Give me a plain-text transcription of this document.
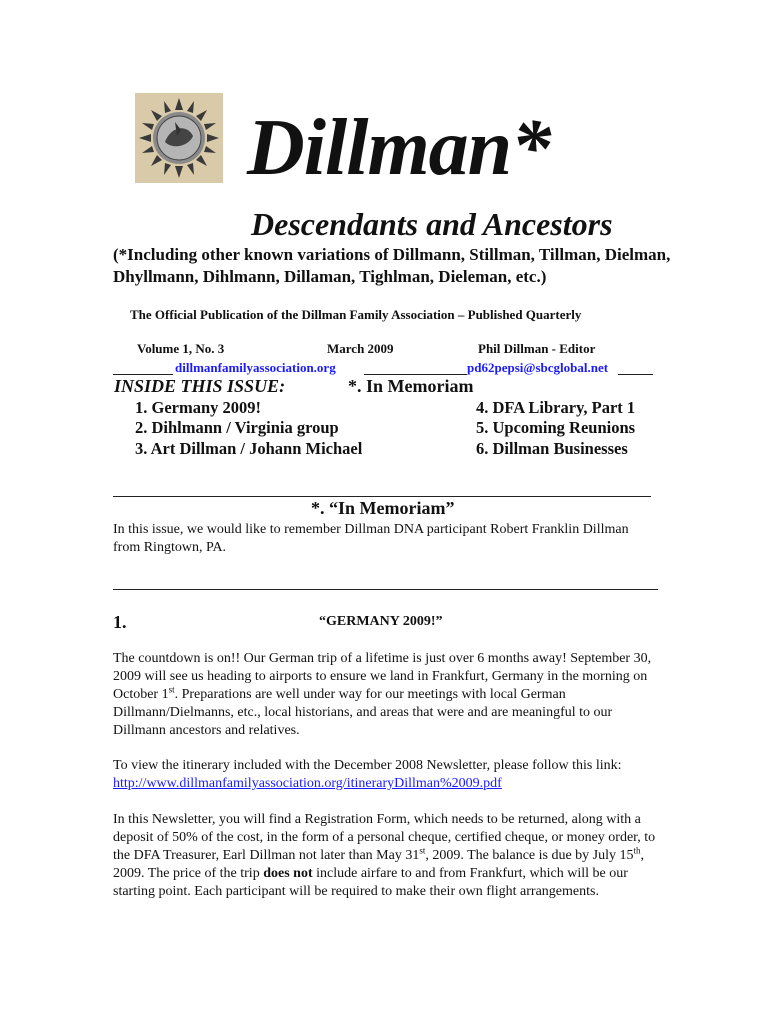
Dillman*
Descendants and Ancestors
(*Including other known variations of Dillmann, Stillman, Tillman, Dielman, Dhyllmann, Dihlmann, Dillaman, Tighlman, Dieleman, etc.)
The Official Publication of the Dillman Family Association – Published Quarterly
Volume 1, No. 3	March 2009	Phil Dillman - Editor
dillmanfamilyassociation.org	pd62pepsi@sbcglobal.net
INSIDE THIS ISSUE:	*. In Memoriam
1. Germany 2009!
2. Dihlmann / Virginia group
3. Art Dillman / Johann Michael
4. DFA Library, Part 1
5. Upcoming Reunions
6. Dillman Businesses
*. “In Memoriam”
In this issue, we would like to remember Dillman DNA participant Robert Franklin Dillman from Ringtown, PA.
1.	“GERMANY 2009!”
The countdown is on!! Our German trip of a lifetime is just over 6 months away! September 30, 2009 will see us heading to airports to ensure we land in Frankfurt, Germany in the morning on October 1st. Preparations are well under way for our meetings with local German Dillmann/Dielmanns, etc., local historians, and areas that were and are meaningful to our Dillmann ancestors and relatives.
To view the itinerary included with the December 2008 Newsletter, please follow this link: http://www.dillmanfamilyassociation.org/itineraryDillman%2009.pdf
In this Newsletter, you will find a Registration Form, which needs to be returned, along with a deposit of 50% of the cost, in the form of a personal cheque, certified cheque, or money order, to the DFA Treasurer, Earl Dillman not later than May 31st, 2009. The balance is due by July 15th, 2009. The price of the trip does not include airfare to and from Frankfurt, which will be our starting point. Each participant will be required to make their own flight arrangements.
